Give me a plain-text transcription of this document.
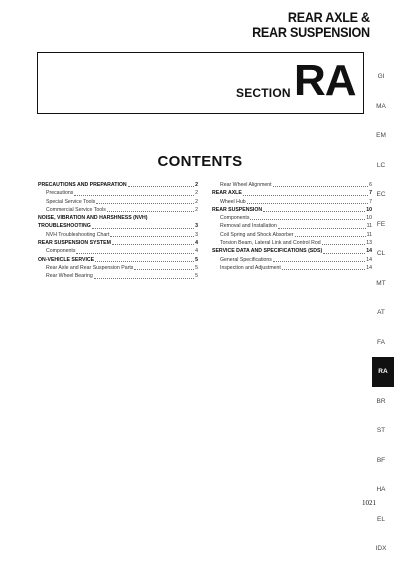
REAR AXLE &
REAR SUSPENSION
SECTION RA
CONTENTS
PRECAUTIONS AND PREPARATION	2
Precautions	2
Special Service Tools	2
Commercial Service Tools	2
NOISE, VIBRATION AND HARSHNESS (NVH)
TROUBLESHOOTING	3
NVH Troubleshooting Chart	3
REAR SUSPENSION SYSTEM	4
Components	4
ON-VEHICLE SERVICE	5
Rear Axle and Rear Suspension Parts	5
Rear Wheel Bearing	5
Rear Wheel Alignment	6
REAR AXLE	7
Wheel Hub	7
REAR SUSPENSION	10
Components	10
Removal and Installation	11
Coil Spring and Shock Absorber	11
Torsion Beam, Lateral Link and Control Rod	13
SERVICE DATA AND SPECIFICATIONS (SDS)	14
General Specifications	14
Inspection and Adjustment	14
GI
MA
EM
LC
EC
FE
CL
MT
AT
FA
RA
BR
ST
BF
HA
EL
IDX
1021
